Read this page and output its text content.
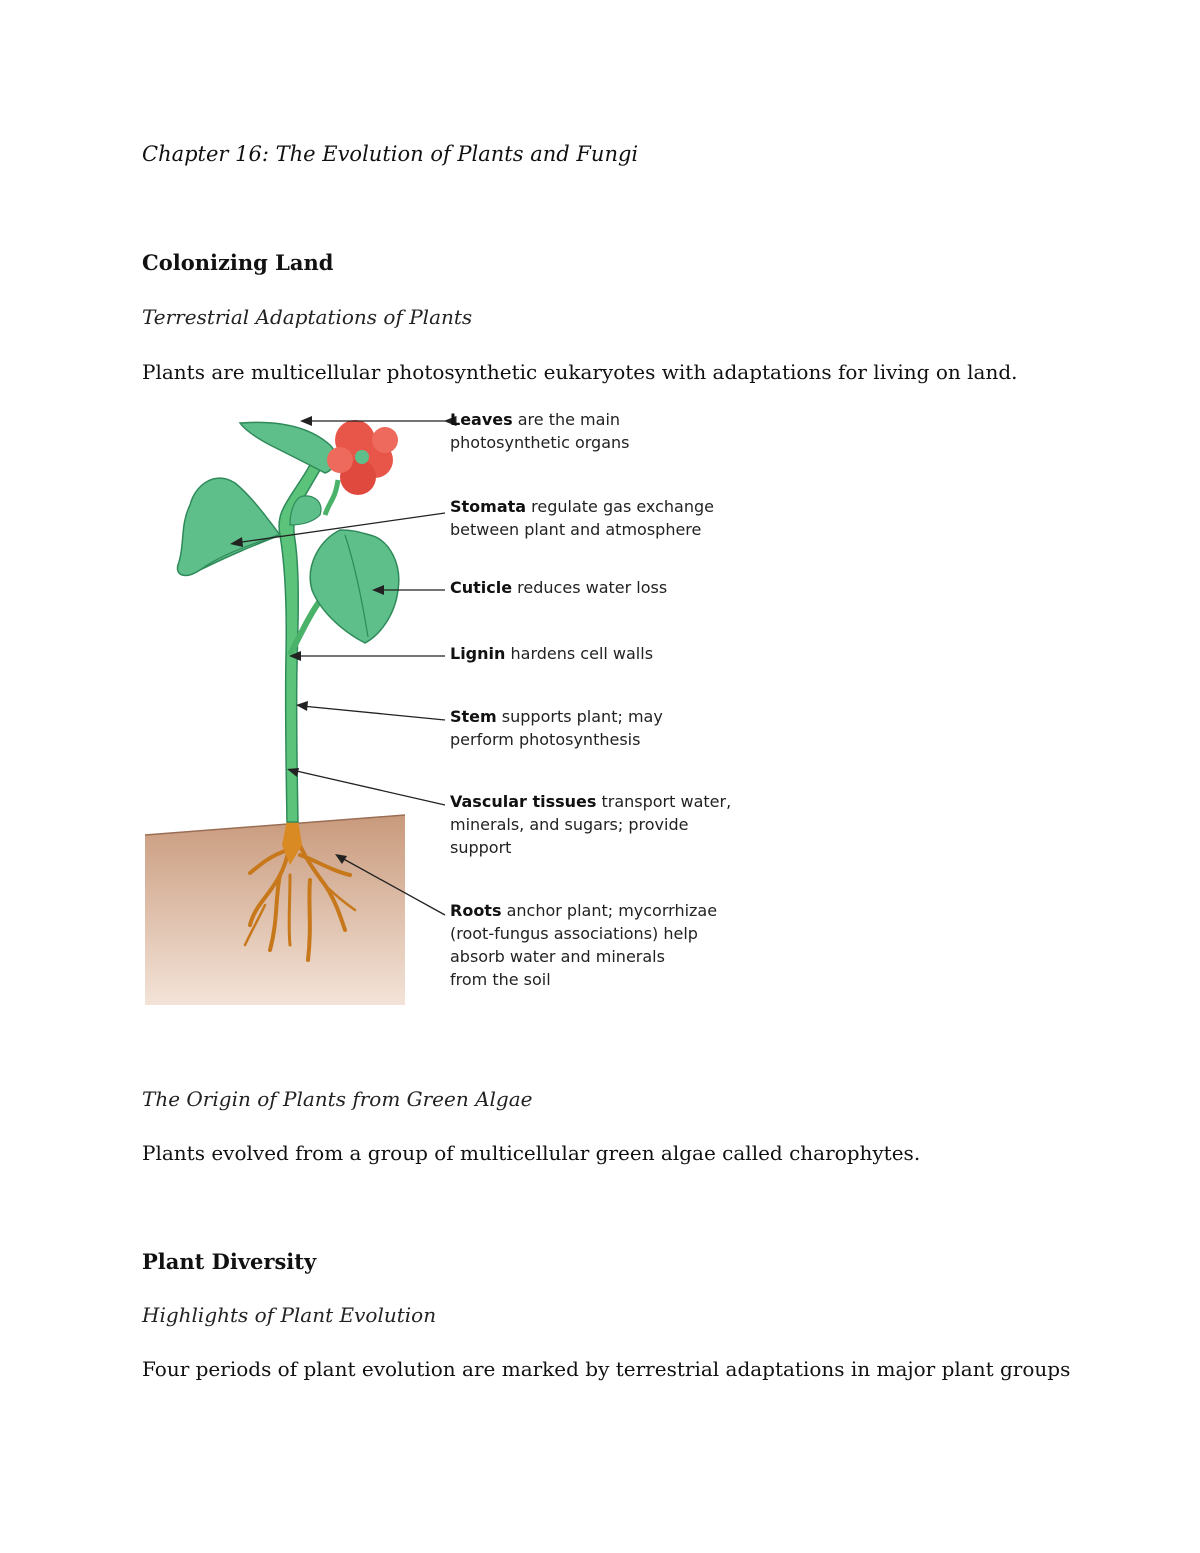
Chapter 16: The Evolution of Plants and Fungi
Colonizing Land
Terrestrial Adaptations of Plants
Plants are multicellular photosynthetic eukaryotes with adaptations for living on land.
Leaves are the main
photosynthetic organs
Stomata regulate gas exchange
between plant and atmosphere
Cuticle reduces water loss
Lignin hardens cell walls
Stem supports plant; may
perform photosynthesis
Vascular tissues transport water,
minerals, and sugars; provide
support
Roots anchor plant; mycorrhizae
(root-fungus associations) help
absorb water and minerals
from the soil
The Origin of Plants from Green Algae
Plants evolved from a group of multicellular green algae called charophytes.
Plant Diversity
Highlights of Plant Evolution
Four periods of plant evolution are marked by terrestrial adaptations in major plant groups
